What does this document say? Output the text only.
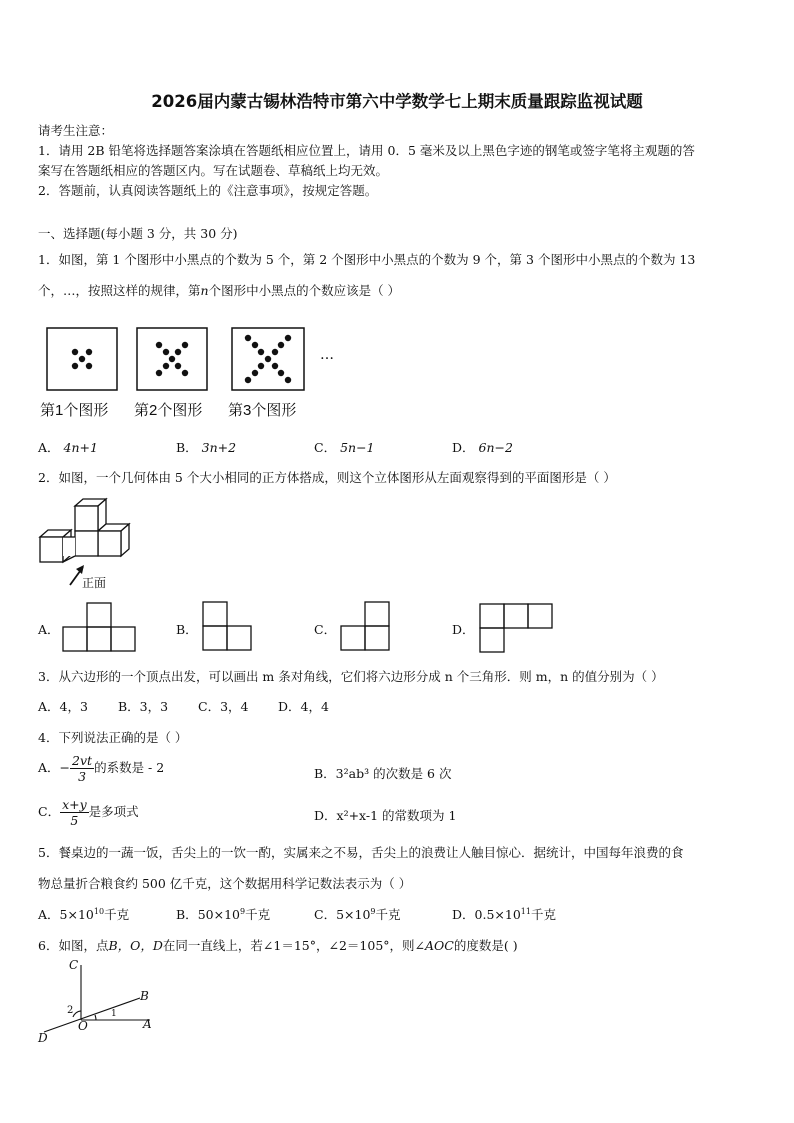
2026届内蒙古锡林浩特市第六中学数学七上期末质量跟踪监视试题
请考生注意：
1．请用 2B 铅笔将选择题答案涂填在答题纸相应位置上，请用 0．5 毫米及以上黑色字迹的钢笔或签字笔将主观题的答
案写在答题纸相应的答题区内。写在试题卷、草稿纸上均无效。
2．答题前，认真阅读答题纸上的《注意事项》，按规定答题。
一、选择题(每小题 3 分，共 30 分)
1．如图，第 1 个图形中小黑点的个数为 5 个，第 2 个图形中小黑点的个数为 9 个，第 3 个图形中小黑点的个数为 13
个，…，按照这样的规律，第n个图形中小黑点的个数应该是（ ）
…
第1个图形 第2个图形 第3个图形
A． 4n+1	B． 3n+2	C． 5n−1	D． 6n−2
2．如图，一个几何体由 5 个大小相同的正方体搭成，则这个立体图形从左面观察得到的平面图形是（ ）
正面
A．	B．	C．	D．
3．从六边形的一个顶点出发，可以画出 m 条对角线，它们将六边形分成 n 个三角形．则 m，n 的值分别为（ ）
A．4，3 B．3，3 C．3，4 D．4，4
4．下列说法正确的是（ ）
A．− $\frac{2vt}{3}$ 的系数是 - 2	B．3²ab³ 的次数是 6 次
C． $\frac{x+y}{5}$ 是多项式	D．x²+x-1 的常数项为 1
5．餐桌边的一蔬一饭，舌尖上的一饮一酌，实属来之不易，舌尖上的浪费让人触目惊心．据统计，中国每年浪费的食
物总量折合粮食约 500 亿千克，这个数据用科学记数法表示为（ ）
A．$5\times 10^{10}$千克	B．$50\times 10^9$千克	C．$5\times 10^9$千克	D．$0.5\times 10^{11}$千克
6．如图，点B，O，D在同一直线上，若∠1＝15°，∠2＝105°，则∠AOC的度数是( )
C
B
2	1
O	A
D
